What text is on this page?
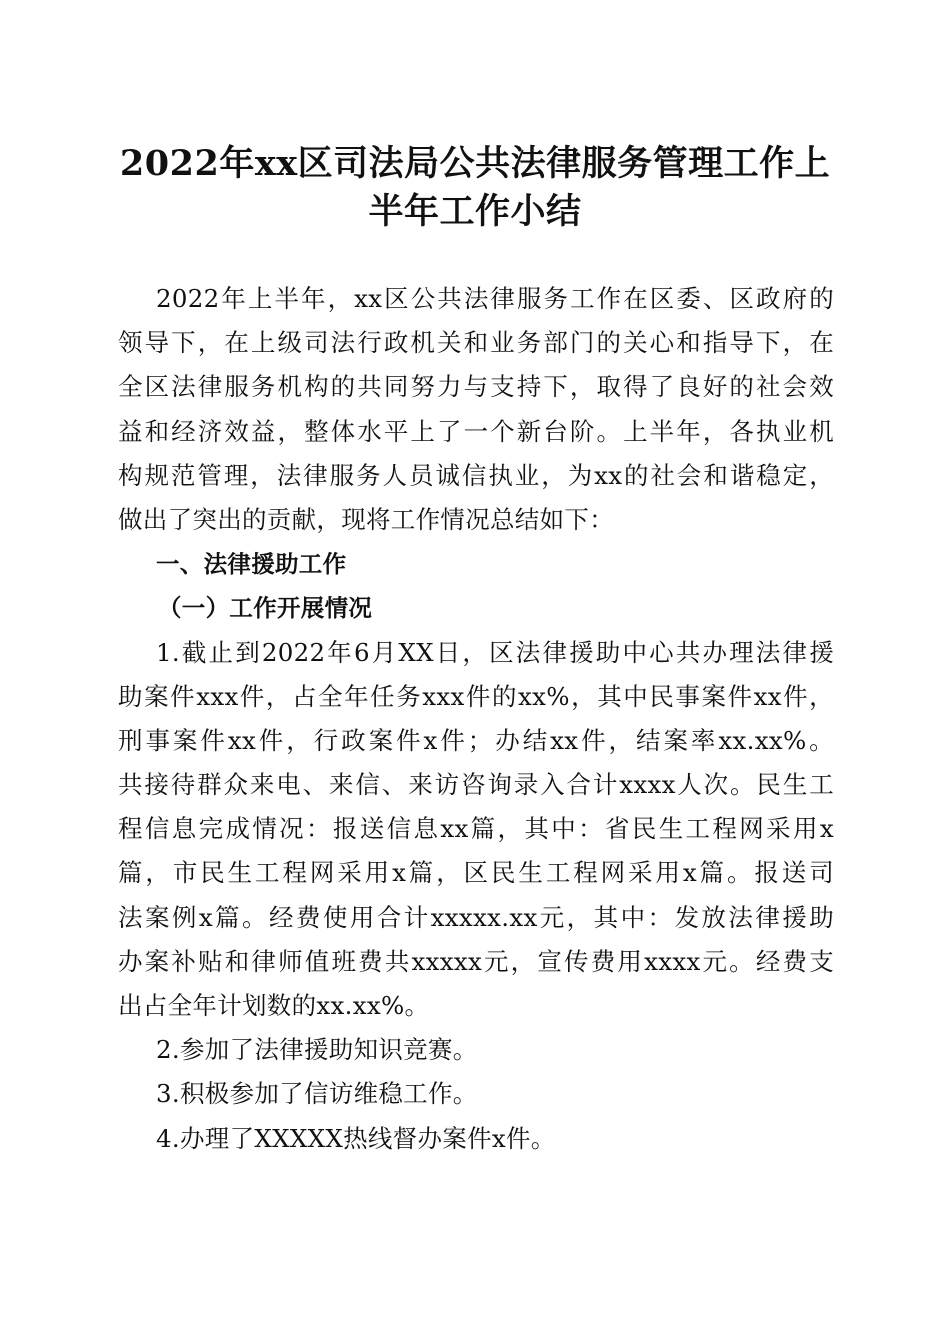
2022年xx区司法局公共法律服务管理工作上
半年工作小结
2022年上半年，xx区公共法律服务工作在区委、区政府的
领导下，在上级司法行政机关和业务部门的关心和指导下，在
全区法律服务机构的共同努力与支持下，取得了良好的社会效
益和经济效益，整体水平上了一个新台阶。上半年，各执业机
构规范管理，法律服务人员诚信执业，为xx的社会和谐稳定，
做出了突出的贡献，现将工作情况总结如下：
一、法律援助工作
（一）工作开展情况
1.截止到2022年6月XX日，区法律援助中心共办理法律援
助案件xxx件，占全年任务xxx件的xx%，其中民事案件xx件，
刑事案件xx件，行政案件x件；办结xx件，结案率xx.xx%。
共接待群众来电、来信、来访咨询录入合计xxxx人次。民生工
程信息完成情况：报送信息xx篇，其中：省民生工程网采用x
篇，市民生工程网采用x篇，区民生工程网采用x篇。报送司
法案例x篇。经费使用合计xxxxx.xx元，其中：发放法律援助
办案补贴和律师值班费共xxxxx元，宣传费用xxxx元。经费支
出占全年计划数的xx.xx%。
2.参加了法律援助知识竞赛。
3.积极参加了信访维稳工作。
4.办理了XXXXX热线督办案件x件。
